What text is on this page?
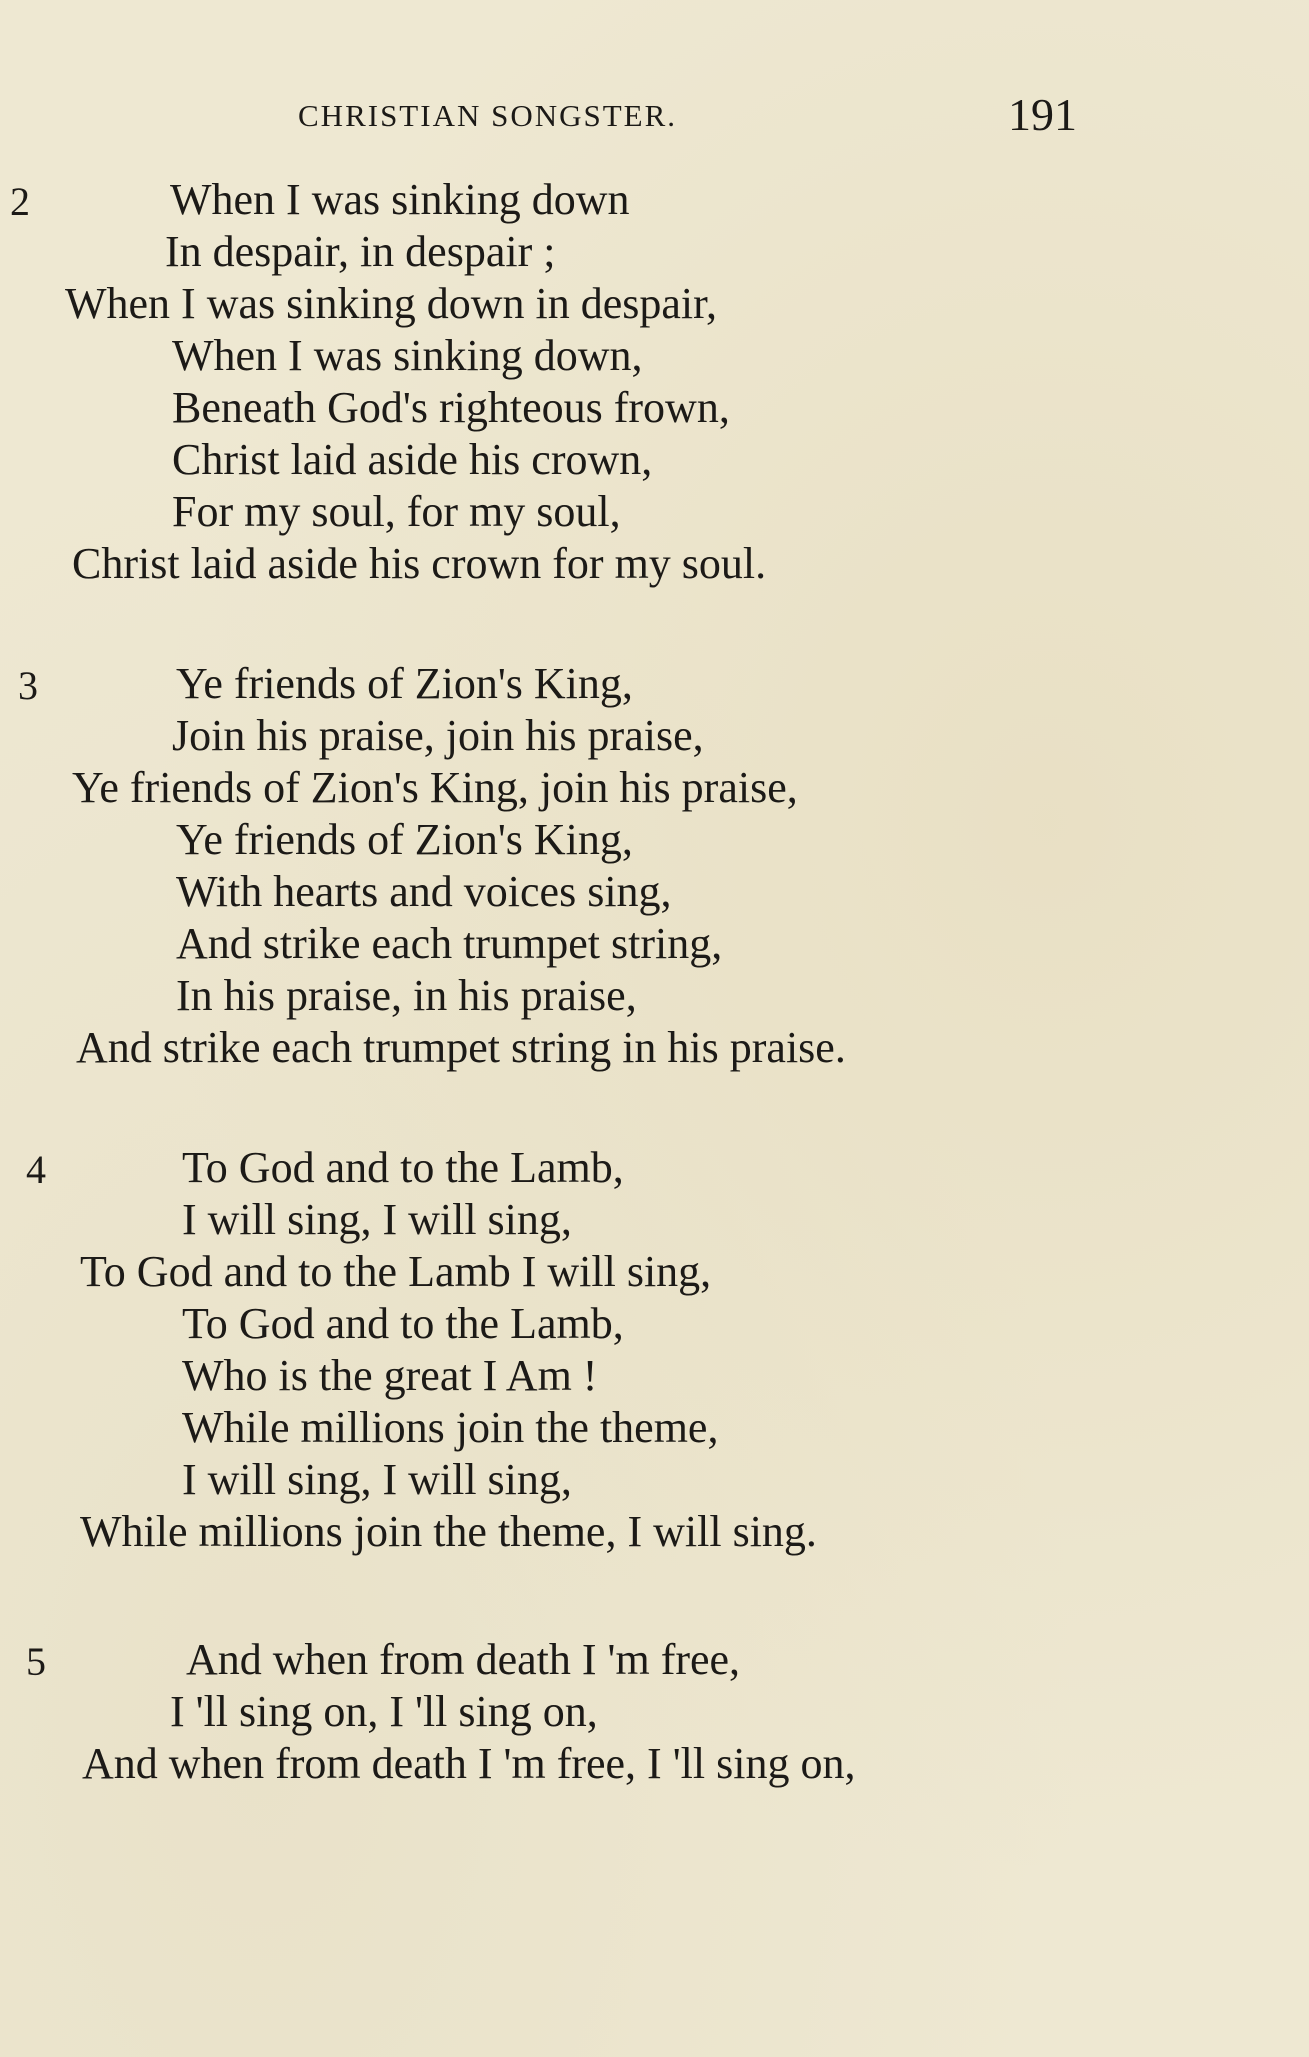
CHRISTIAN SONGSTER.	191
2	When I was sinking down
In despair, in despair ;
When I was sinking down in despair,
When I was sinking down,
Beneath God's righteous frown,
Christ laid aside his crown,
For my soul, for my soul,
Christ laid aside his crown for my soul.
3	Ye friends of Zion's King,
Join his praise, join his praise,
Ye friends of Zion's King, join his praise,
Ye friends of Zion's King,
With hearts and voices sing,
And strike each trumpet string,
In his praise, in his praise,
And strike each trumpet string in his praise.
4	To God and to the Lamb,
I will sing, I will sing,
To God and to the Lamb I will sing,
To God and to the Lamb,
Who is the great I Am !
While millions join the theme,
I will sing, I will sing,
While millions join the theme, I will sing.
5	And when from death I 'm free,
I 'll sing on, I 'll sing on,
And when from death I 'm free, I 'll sing on,
